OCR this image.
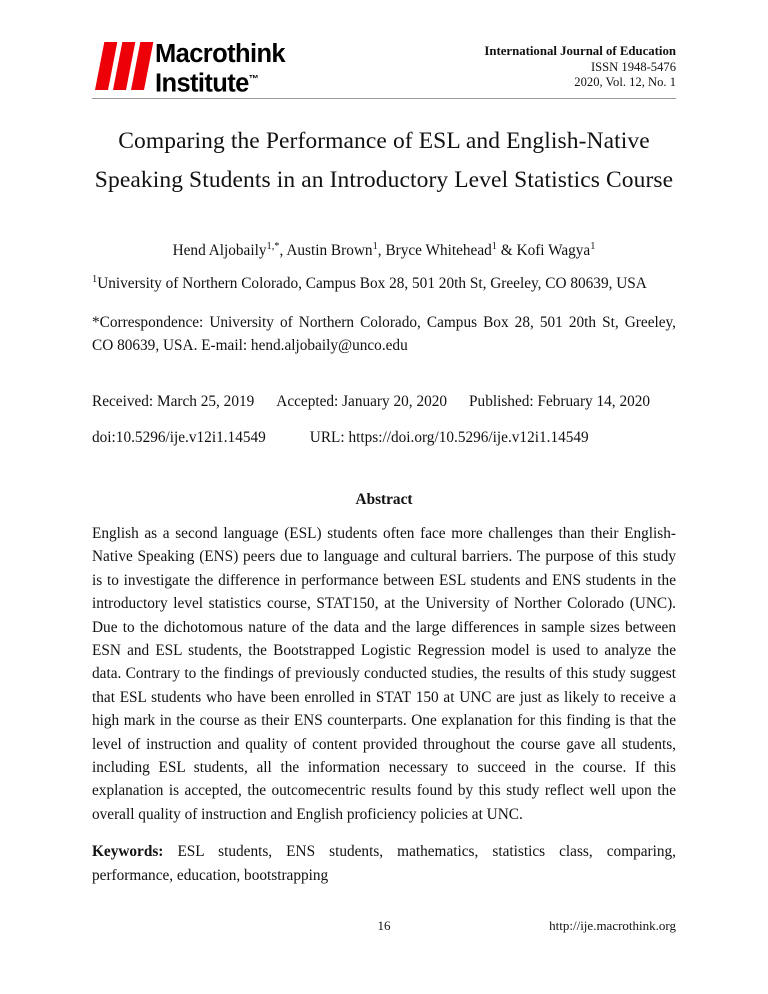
Macrothink
Institute™
International Journal of Education
ISSN 1948-5476
2020, Vol. 12, No. 1
Comparing the Performance of ESL and English-Native Speaking Students in an Introductory Level Statistics Course
Hend Aljobaily$^{1,*}$, Austin Brown$^1$, Bryce Whitehead$^1$ & Kofi Wagya$^1$
$^1$University of Northern Colorado, Campus Box 28, 501 20th St, Greeley, CO 80639, USA
*Correspondence: University of Northern Colorado, Campus Box 28, 501 20th St, Greeley, CO 80639, USA. E-mail: hend.aljobaily@unco.edu
Received: March 25, 2019 Accepted: January 20, 2020 Published: February 14, 2020
doi:10.5296/ije.v12i1.14549	URL: https://doi.org/10.5296/ije.v12i1.14549
Abstract
English as a second language (ESL) students often face more challenges than their English-Native Speaking (ENS) peers due to language and cultural barriers. The purpose of this study is to investigate the difference in performance between ESL students and ENS students in the introductory level statistics course, STAT150, at the University of Norther Colorado (UNC). Due to the dichotomous nature of the data and the large differences in sample sizes between ESN and ESL students, the Bootstrapped Logistic Regression model is used to analyze the data. Contrary to the findings of previously conducted studies, the results of this study suggest that ESL students who have been enrolled in STAT 150 at UNC are just as likely to receive a high mark in the course as their ENS counterparts. One explanation for this finding is that the level of instruction and quality of content provided throughout the course gave all students, including ESL students, all the information necessary to succeed in the course. If this explanation is accepted, the outcomecentric results found by this study reflect well upon the overall quality of instruction and English proficiency policies at UNC.
Keywords: ESL students, ENS students, mathematics, statistics class, comparing, performance, education, bootstrapping
16	http://ije.macrothink.org
